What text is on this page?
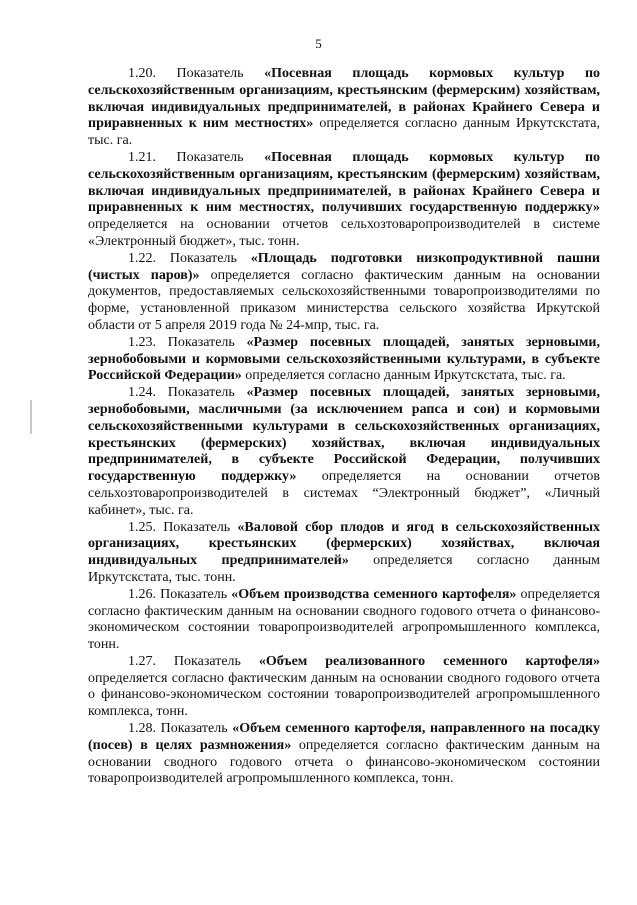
5

1.20. Показатель «Посевная площадь кормовых культур по сельскохозяйственным организациям, крестьянским (фермерским) хозяйствам, включая индивидуальных предпринимателей, в районах Крайнего Севера и приравненных к ним местностях» определяется согласно данным Иркутскстата, тыс. га.

1.21. Показатель «Посевная площадь кормовых культур по сельскохозяйственным организациям, крестьянским (фермерским) хозяйствам, включая индивидуальных предпринимателей, в районах Крайнего Севера и приравненных к ним местностях, получивших государственную поддержку» определяется на основании отчетов сельхозтоваропроизводителей в системе «Электронный бюджет», тыс. тонн.

1.22. Показатель «Площадь подготовки низкопродуктивной пашни (чистых паров)» определяется согласно фактическим данным на основании документов, предоставляемых сельскохозяйственными товаропроизводителями по форме, установленной приказом министерства сельского хозяйства Иркутской области от 5 апреля 2019 года № 24-мпр, тыс. га.

1.23. Показатель «Размер посевных площадей, занятых зерновыми, зернобобовыми и кормовыми сельскохозяйственными культурами, в субъекте Российской Федерации» определяется согласно данным Иркутскстата, тыс. га.

1.24. Показатель «Размер посевных площадей, занятых зерновыми, зернобобовыми, масличными (за исключением рапса и сои) и кормовыми сельскохозяйственными культурами в сельскохозяйственных организациях, крестьянских (фермерских) хозяйствах, включая индивидуальных предпринимателей, в субъекте Российской Федерации, получивших государственную поддержку» определяется на основании отчетов сельхозтоваропроизводителей в системах “Электронный бюджет”, «Личный кабинет», тыс. га.

1.25. Показатель «Валовой сбор плодов и ягод в сельскохозяйственных организациях, крестьянских (фермерских) хозяйствах, включая индивидуальных предпринимателей» определяется согласно данным Иркутскстата, тыс. тонн.

1.26. Показатель «Объем производства семенного картофеля» определяется согласно фактическим данным на основании сводного годового отчета о финансово-экономическом состоянии товаропроизводителей агропромышленного комплекса, тонн.

1.27. Показатель «Объем реализованного семенного картофеля» определяется согласно фактическим данным на основании сводного годового отчета о финансово-экономическом состоянии товаропроизводителей агропромышленного комплекса, тонн.

1.28. Показатель «Объем семенного картофеля, направленного на посадку (посев) в целях размножения» определяется согласно фактическим данным на основании сводного годового отчета о финансово-экономическом состоянии товаропроизводителей агропромышленного комплекса, тонн.
